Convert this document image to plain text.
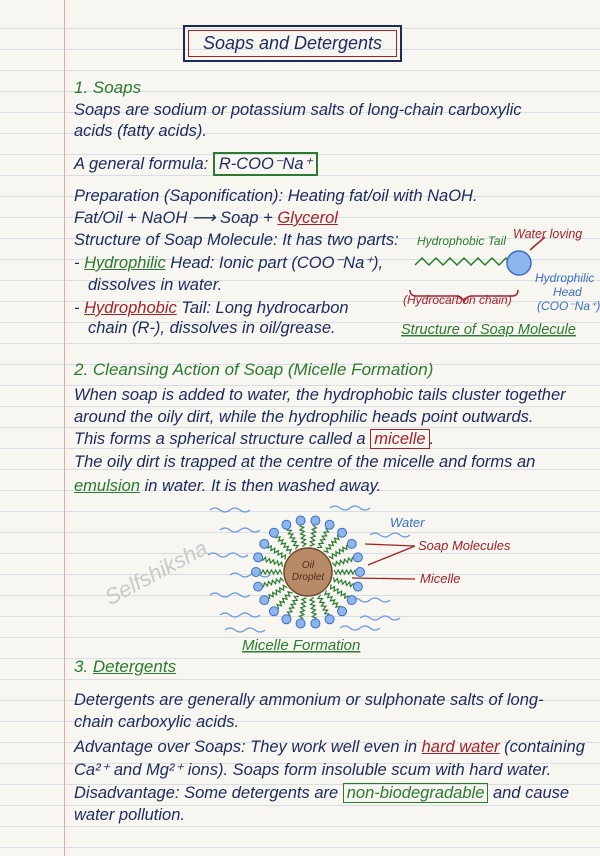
Soaps and Detergents
1. Soaps
Soaps are sodium or potassium salts of long-chain carboxylic
acids (fatty acids).
A general formula: R-COO⁻Na⁺
Preparation (Saponification): Heating fat/oil with NaOH.
Fat/Oil + NaOH ⟶ Soap + Glycerol
Structure of Soap Molecule: It has two parts:
- Hydrophilic Head: Ionic part (COO⁻Na⁺),
dissolves in water.
- Hydrophobic Tail: Long hydrocarbon
chain (R-), dissolves in oil/grease.
Hydrophobic Tail Water loving
Hydrophilic
Head
(COO⁻Na⁺)
(Hydrocarbon chain)
Structure of Soap Molecule
2. Cleansing Action of Soap (Micelle Formation)
When soap is added to water, the hydrophobic tails cluster together
around the oily dirt, while the hydrophilic heads point outwards.
This forms a spherical structure called a micelle .
The oily dirt is trapped at the centre of the micelle and forms an
emulsion in water. It is then washed away.
Selfshiksha	Oil
Droplet
Water
Soap Molecules
Micelle
Micelle Formation
3. Detergents
Detergents are generally ammonium or sulphonate salts of long-
chain carboxylic acids.
Advantage over Soaps: They work well even in hard water (containing
Ca²⁺ and Mg²⁺ ions). Soaps form insoluble scum with hard water.
Disadvantage: Some detergents are non-biodegradable and cause
water pollution.
